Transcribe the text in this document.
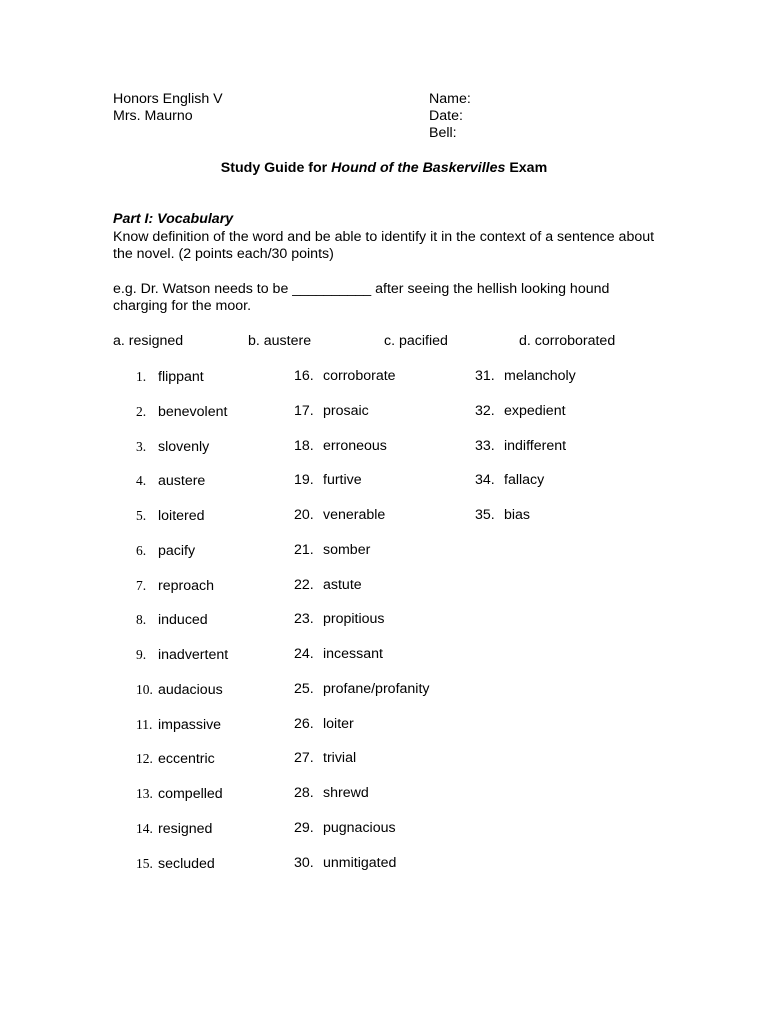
Honors English V
Mrs. Maurno
Name:
Date:
Bell:
Study Guide for Hound of the Baskervilles Exam
Part I: Vocabulary
Know definition of the word and be able to identify it in the context of a sentence about the novel. (2 points each/30 points)
e.g. Dr. Watson needs to be __________ after seeing the hellish looking hound charging for the moor.
a. resigned	b. austere	c. pacified	d. corroborated
1. flippant
2. benevolent
3. slovenly
4. austere
5. loitered
6. pacify
7. reproach
8. induced
9. inadvertent
10. audacious
11. impassive
12. eccentric
13. compelled
14. resigned
15. secluded
16. corroborate
17. prosaic
18. erroneous
19. furtive
20. venerable
21. somber
22. astute
23. propitious
24. incessant
25. profane/profanity
26. loiter
27. trivial
28. shrewd
29. pugnacious
30. unmitigated
31. melancholy
32. expedient
33. indifferent
34. fallacy
35. bias
